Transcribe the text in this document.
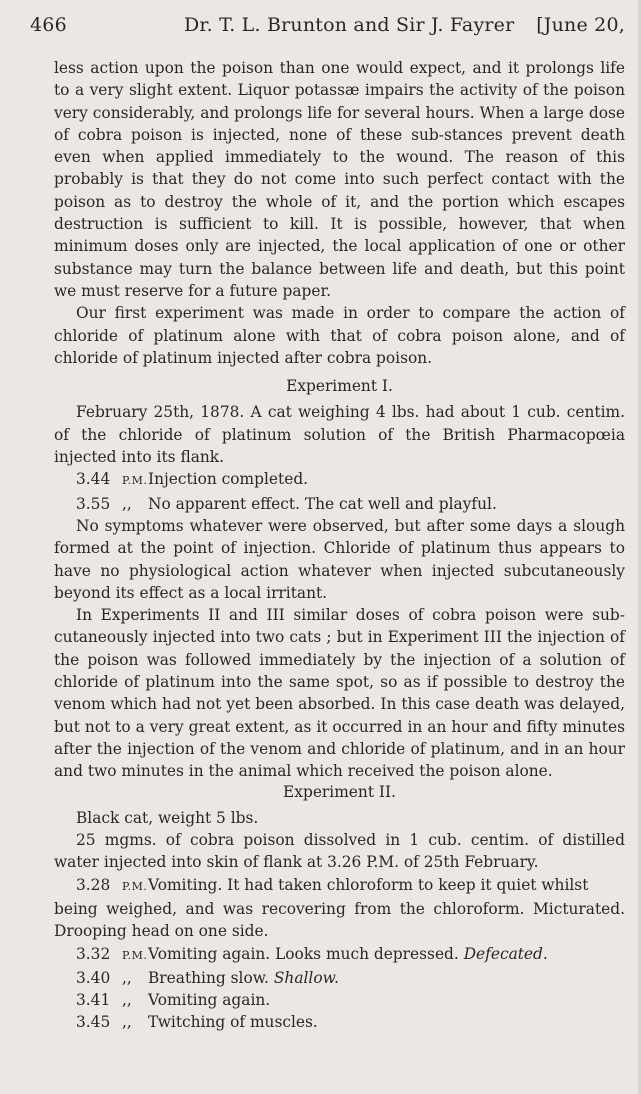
466	Dr. T. L. Brunton and Sir J. Fayrer [June 20,

less action upon the poison than one would expect, and it prolongs life to a very slight extent. Liquor potassæ impairs the activity of the poison very considerably, and prolongs life for several hours. When a large dose of cobra poison is injected, none of these sub-stances prevent death even when applied immediately to the wound. The reason of this probably is that they do not come into such perfect contact with the poison as to destroy the whole of it, and the portion which escapes destruction is sufficient to kill. It is possible, however, that when minimum doses only are injected, the local application of one or other substance may turn the balance between life and death, but this point we must reserve for a future paper.

Our first experiment was made in order to compare the action of chloride of platinum alone with that of cobra poison alone, and of chloride of platinum injected after cobra poison.

Experiment I.

February 25th, 1878. A cat weighing 4 lbs. had about 1 cub. centim. of the chloride of platinum solution of the British Pharmacopœia injected into its flank.

3.44 P.M.Injection completed.

3.55 ,, No apparent effect. The cat well and playful.

No symptoms whatever were observed, but after some days a slough formed at the point of injection. Chloride of platinum thus appears to have no physiological action whatever when injected subcutaneously beyond its effect as a local irritant.

In Experiments II and III similar doses of cobra poison were sub-cutaneously injected into two cats ; but in Experiment III the injection of the poison was followed immediately by the injection of a solution of chloride of platinum into the same spot, so as if possible to destroy the venom which had not yet been absorbed. In this case death was delayed, but not to a very great extent, as it occurred in an hour and fifty minutes after the injection of the venom and chloride of platinum, and in an hour and two minutes in the animal which received the poison alone.

Experiment II.

Black cat, weight 5 lbs.

25 mgms. of cobra poison dissolved in 1 cub. centim. of distilled water injected into skin of flank at 3.26 P.M. of 25th February.

3.28 P.M.Vomiting. It had taken chloroform to keep it quiet whilst

being weighed, and was recovering from the chloroform. Micturated. Drooping head on one side.

3.32 P.M.Vomiting again. Looks much depressed. Defecated.

3.40 ,, Breathing slow. Shallow.

3.41 ,, Vomiting again.

3.45 ,, Twitching of muscles.
